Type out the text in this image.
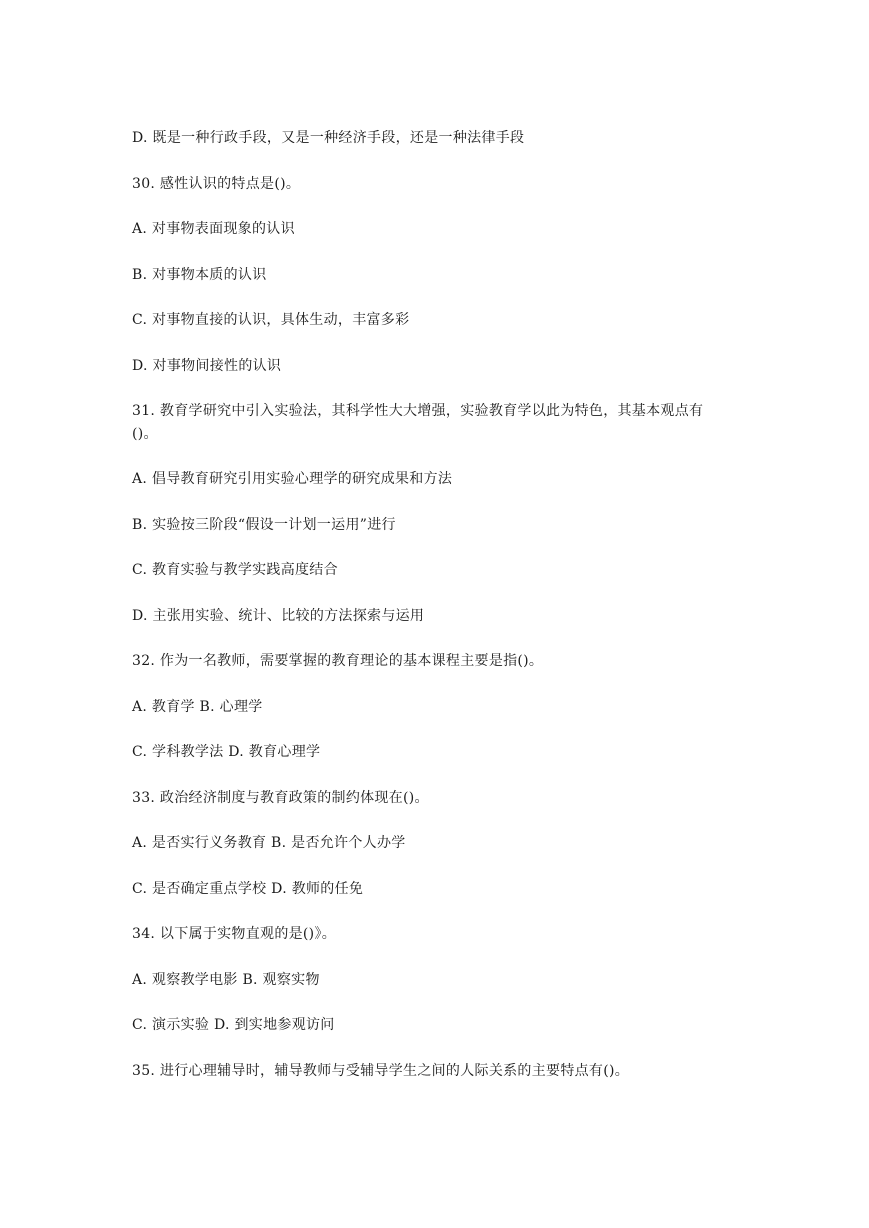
D. 既是一种行政手段，又是一种经济手段，还是一种法律手段
30. 感性认识的特点是()。
A. 对事物表面现象的认识
B. 对事物本质的认识
C. 对事物直接的认识，具体生动，丰富多彩
D. 对事物间接性的认识
31. 教育学研究中引入实验法，其科学性大大增强，实验教育学以此为特色，其基本观点有
()。
A. 倡导教育研究引用实验心理学的研究成果和方法
B. 实验按三阶段“假设一计划一运用”进行
C. 教育实验与教学实践高度结合
D. 主张用实验、统计、比较的方法探索与运用
32. 作为一名教师，需要掌握的教育理论的基本课程主要是指()。
A. 教育学 B. 心理学
C. 学科教学法 D. 教育心理学
33. 政治经济制度与教育政策的制约体现在()。
A. 是否实行义务教育 B. 是否允许个人办学
C. 是否确定重点学校 D. 教师的任免
34. 以下属于实物直观的是()》。
A. 观察教学电影 B. 观察实物
C. 演示实验 D. 到实地参观访问
35. 进行心理辅导时，辅导教师与受辅导学生之间的人际关系的主要特点有()。
